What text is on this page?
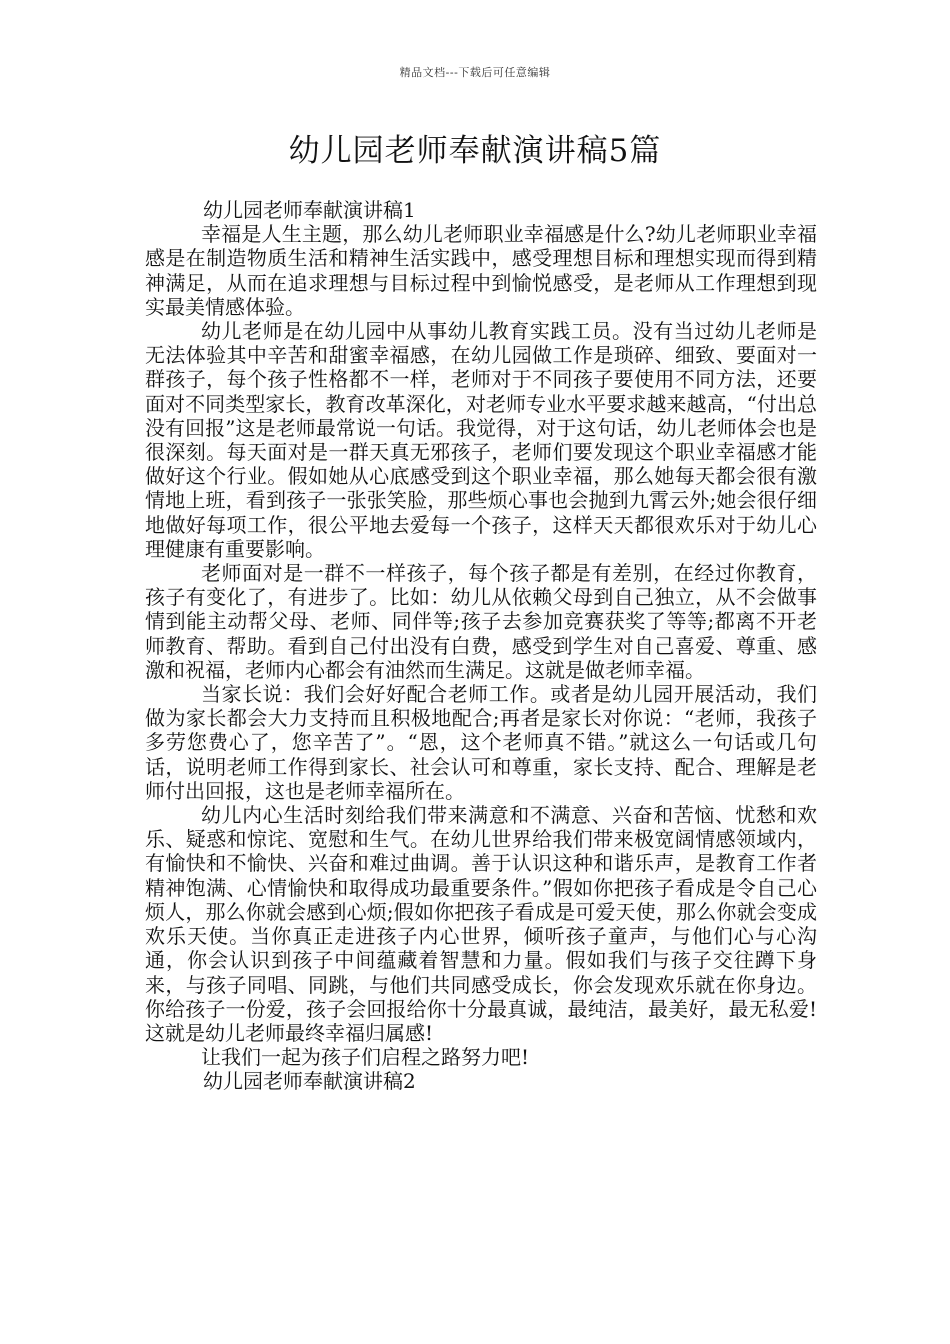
精品文档---下载后可任意编辑
幼儿园老师奉献演讲稿5篇

幼儿园老师奉献演讲稿1

幸福是人生主题，那么幼儿老师职业幸福感是什么?幼儿老师职业幸福感是在制造物质生活和精神生活实践中，感受理想目标和理想实现而得到精神满足，从而在追求理想与目标过程中到愉悦感受，是老师从工作理想到现实最美情感体验。

幼儿老师是在幼儿园中从事幼儿教育实践工员。没有当过幼儿老师是无法体验其中辛苦和甜蜜幸福感，在幼儿园做工作是琐碎、细致、要面对一群孩子，每个孩子性格都不一样，老师对于不同孩子要使用不同方法，还要面对不同类型家长，教育改革深化，对老师专业水平要求越来越高，“付出总没有回报”这是老师最常说一句话。我觉得，对于这句话，幼儿老师体会也是很深刻。每天面对是一群天真无邪孩子，老师们要发现这个职业幸福感才能做好这个行业。假如她从心底感受到这个职业幸福，那么她每天都会很有激情地上班，看到孩子一张张笑脸，那些烦心事也会抛到九霄云外;她会很仔细地做好每项工作，很公平地去爱每一个孩子，这样天天都很欢乐对于幼儿心理健康有重要影响。

老师面对是一群不一样孩子，每个孩子都是有差别，在经过你教育，孩子有变化了，有进步了。比如：幼儿从依赖父母到自己独立，从不会做事情到能主动帮父母、老师、同伴等;孩子去参加竞赛获奖了等等;都离不开老师教育、帮助。看到自己付出没有白费，感受到学生对自己喜爱、尊重、感激和祝福，老师内心都会有油然而生满足。这就是做老师幸福。

当家长说：我们会好好配合老师工作。或者是幼儿园开展活动，我们做为家长都会大力支持而且积极地配合;再者是家长对你说：“老师，我孩子多劳您费心了，您辛苦了”。“恩，这个老师真不错。”就这么一句话或几句话，说明老师工作得到家长、社会认可和尊重，家长支持、配合、理解是老师付出回报，这也是老师幸福所在。

幼儿内心生活时刻给我们带来满意和不满意、兴奋和苦恼、忧愁和欢乐、疑惑和惊诧、宽慰和生气。在幼儿世界给我们带来极宽阔情感领域内，有愉快和不愉快、兴奋和难过曲调。善于认识这种和谐乐声，是教育工作者精神饱满、心情愉快和取得成功最重要条件。”假如你把孩子看成是令自己心烦人，那么你就会感到心烦;假如你把孩子看成是可爱天使，那么你就会变成欢乐天使。当你真正走进孩子内心世界，倾听孩子童声，与他们心与心沟通，你会认识到孩子中间蕴藏着智慧和力量。假如我们与孩子交往蹲下身来，与孩子同唱、同跳，与他们共同感受成长，你会发现欢乐就在你身边。你给孩子一份爱，孩子会回报给你十分最真诚，最纯洁，最美好，最无私爱!这就是幼儿老师最终幸福归属感!

让我们一起为孩子们启程之路努力吧!

幼儿园老师奉献演讲稿2
